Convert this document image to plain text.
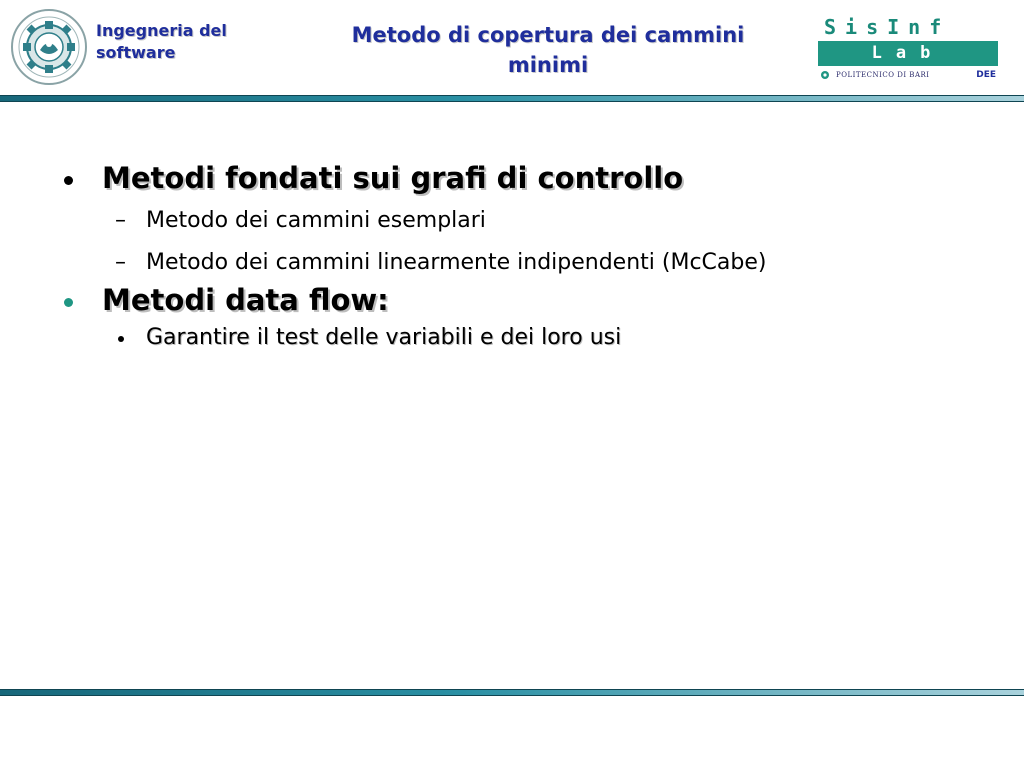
Ingegneria del software
Metodo di copertura dei cammini minimi
SisInf
Lab
POLITECNICO DI BARI	DEE
Metodi fondati sui grafi di controllo
– Metodo dei cammini esemplari
– Metodo dei cammini linearmente indipendenti (McCabe)
Metodi data flow:
Garantire il test delle variabili e dei loro usi
